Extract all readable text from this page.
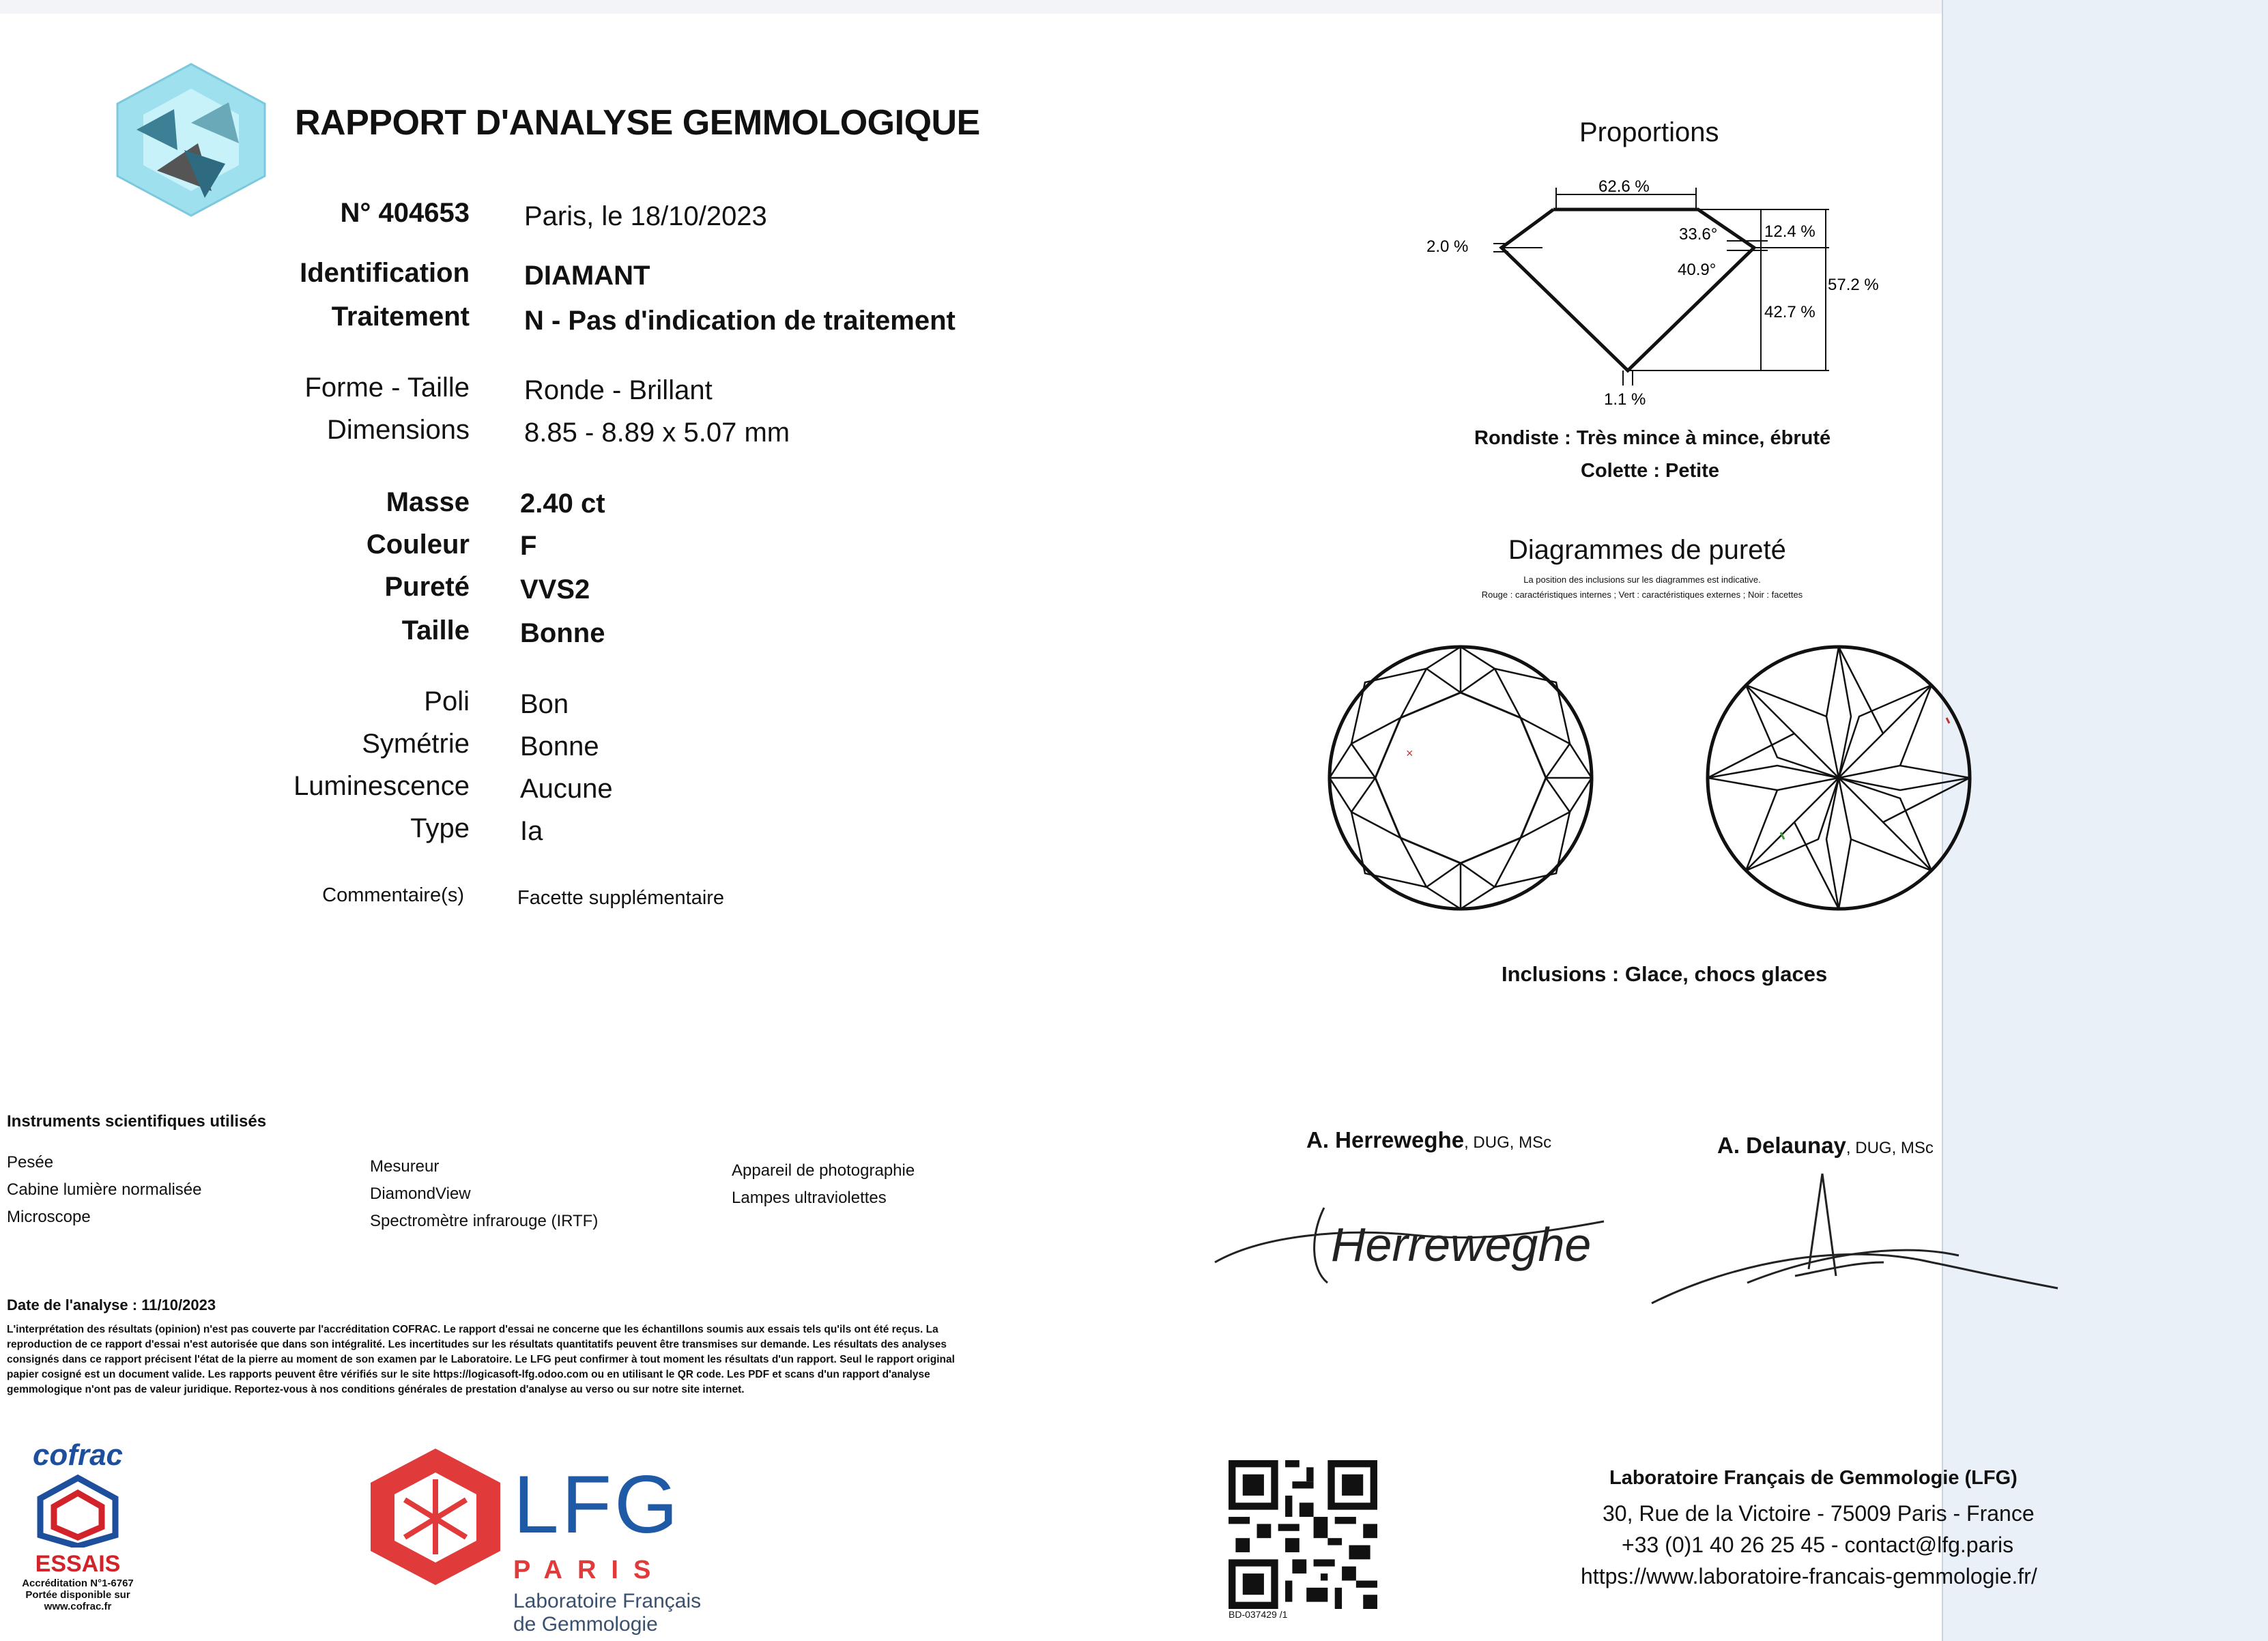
RAPPORT D'ANALYSE GEMMOLOGIQUE
N° 404653 Paris, le 18/10/2023
Identification DIAMANT
Traitement N - Pas d'indication de traitement
Forme - Taille Ronde - Brillant
Dimensions 8.85 - 8.89 x 5.07 mm
Masse 2.40 ct
Couleur F
Pureté VVS2
Taille Bonne
Poli Bon
Symétrie Bonne
Luminescence Aucune
Type Ia
Commentaire(s)	Facette supplémentaire
Proportions
62.6 %
2.0 %
33.6°
40.9°
12.4 %
42.7 %
57.2 %
1.1 %
Rondiste : Très mince à mince, ébruté
Colette : Petite
Diagrammes de pureté
La position des inclusions sur les diagrammes est indicative.
Rouge : caractéristiques internes ; Vert : caractéristiques externes ; Noir : facettes
×
Inclusions : Glace, chocs glaces
Instruments scientifiques utilisés
Pesée
Cabine lumière normalisée
Microscope
Mesureur
DiamondView
Spectromètre infrarouge (IRTF)
Appareil de photographie
Lampes ultraviolettes
Date de l'analyse : 11/10/2023
L'interprétation des résultats (opinion) n'est pas couverte par l'accréditation COFRAC. Le rapport d'essai ne concerne que les échantillons soumis aux essais tels qu'ils ont été reçus. La
reproduction de ce rapport d'essai n'est autorisée que dans son intégralité. Les incertitudes sur les résultats quantitatifs peuvent être transmises sur demande. Les résultats des analyses
consignés dans ce rapport précisent l'état de la pierre au moment de son examen par le Laboratoire. Le LFG peut confirmer à tout moment les résultats d'un rapport. Seul le rapport original
papier cosigné est un document valide. Les rapports peuvent être vérifiés sur le site https://logicasoft-lfg.odoo.com ou en utilisant le QR code. Les PDF et scans d'un rapport d'analyse
gemmologique n'ont pas de valeur juridique. Reportez-vous à nos conditions générales de prestation d'analyse au verso ou sur notre site internet.
A. Herreweghe, DUG, MSc	A. Delaunay, DUG, MSc
Herreweghe
cofrac
ESSAIS
Accréditation N°1-6767
Portée disponible sur
www.cofrac.fr
LFG
PARIS
Laboratoire Français
de Gemmologie	BD-037429 /1
Laboratoire Français de Gemmologie (LFG)
30, Rue de la Victoire - 75009 Paris - France
+33 (0)1 40 26 25 45 - contact@lfg.paris
https://www.laboratoire-francais-gemmologie.fr/
